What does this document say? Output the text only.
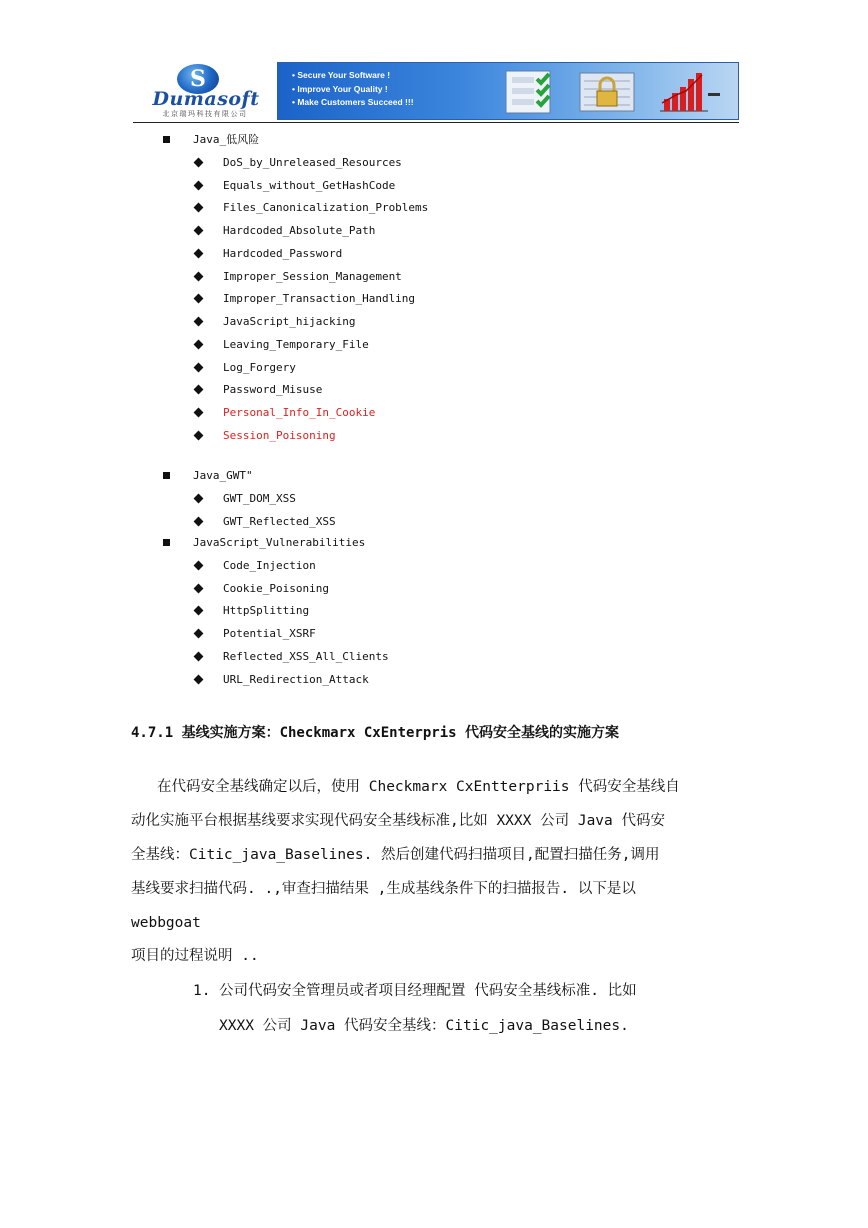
S
Dumasoft
北京瑞玛科技有限公司
• Secure Your Software !
• Improve Your Quality !
• Make Customers Succeed !!!
Java_低风险
DoS_by_Unreleased_Resources
Equals_without_GetHashCode
Files_Canonicalization_Problems
Hardcoded_Absolute_Path
Hardcoded_Password
Improper_Session_Management
Improper_Transaction_Handling
JavaScript_hijacking
Leaving_Temporary_File
Log_Forgery
Password_Misuse
Personal_Info_In_Cookie
Session_Poisoning
Java_GWT"
GWT_DOM_XSS
GWT_Reflected_XSS
JavaScript_Vulnerabilities
Code_Injection
Cookie_Poisoning
HttpSplitting
Potential_XSRF
Reflected_XSS_All_Clients
URL_Redirection_Attack
4.7.1 基线实施方案：Checkmarx CxEnterpris 代码安全基线的实施方案
在代码安全基线确定以后，使用 Checkmarx CxEntterpriis 代码安全基线自
动化实施平台根据基线要求实现代码安全基线标准,比如 XXXX 公司 Java 代码安
全基线：Citic_java_Baselines. 然后创建代码扫描项目,配置扫描任务,调用
基线要求扫描代码. .,审查扫描结果 ,生成基线条件下的扫描报告. 以下是以
webbgoat
项目的过程说明 ..
1. 公司代码安全管理员或者项目经理配置 代码安全基线标准. 比如
XXXX 公司 Java 代码安全基线：Citic_java_Baselines.
